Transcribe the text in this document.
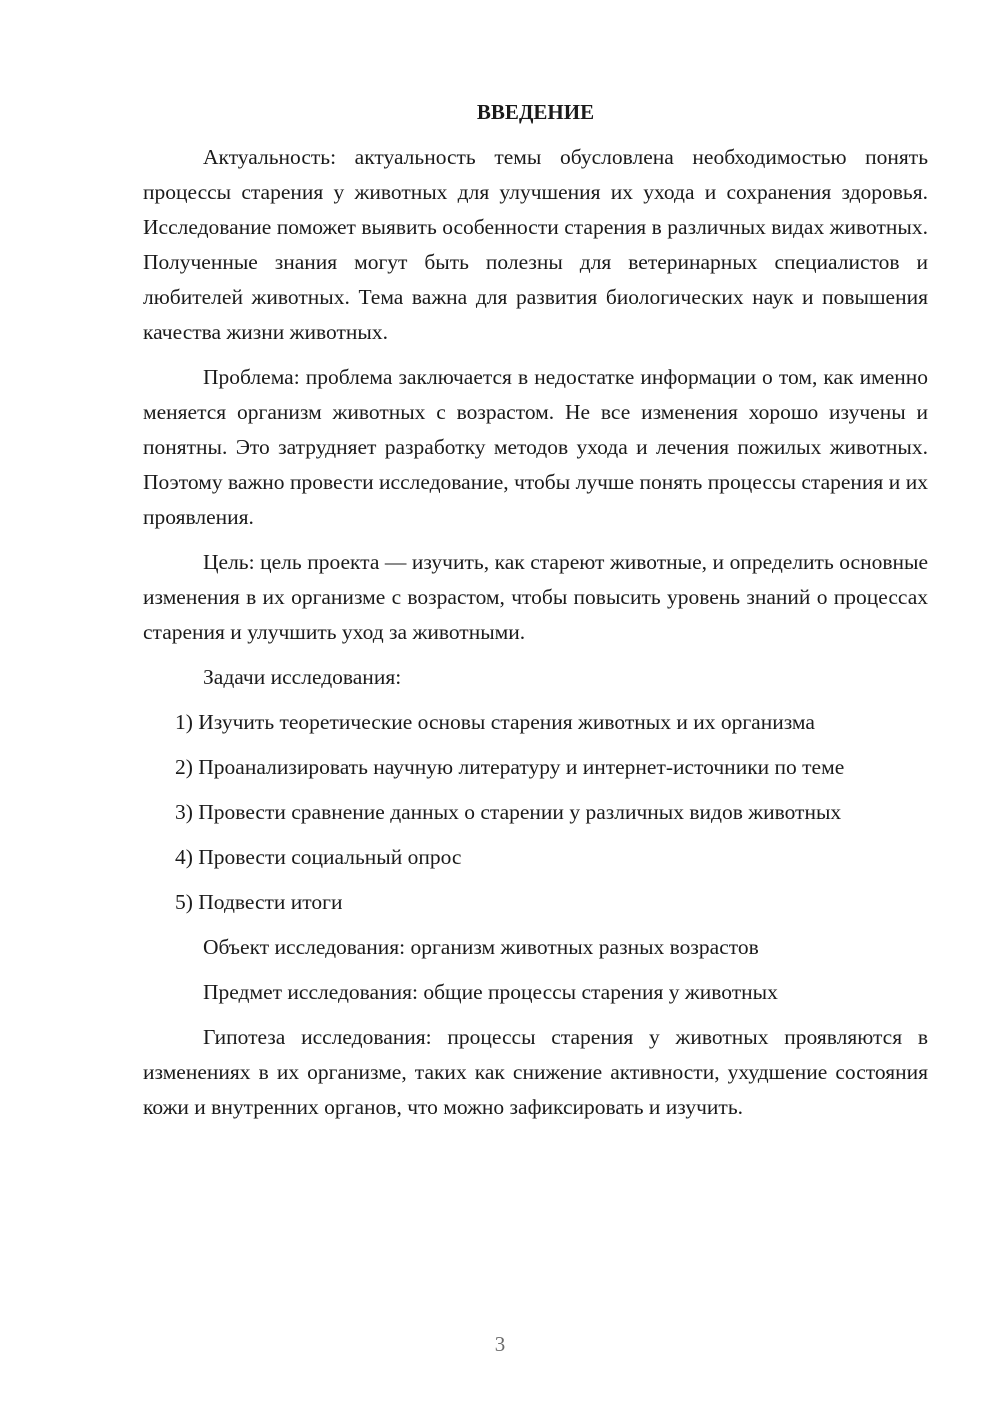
ВВЕДЕНИЕ

Актуальность: актуальность темы обусловлена необходимостью понять процессы старения у животных для улучшения их ухода и сохранения здоровья. Исследование поможет выявить особенности старения в различных видах животных. Полученные знания могут быть полезны для ветеринарных специалистов и любителей животных. Тема важна для развития биологических наук и повышения качества жизни животных.

Проблема: проблема заключается в недостатке информации о том, как именно меняется организм животных с возрастом. Не все изменения хорошо изучены и понятны. Это затрудняет разработку методов ухода и лечения пожилых животных. Поэтому важно провести исследование, чтобы лучше понять процессы старения и их проявления.

Цель: цель проекта — изучить, как стареют животные, и определить основные изменения в их организме с возрастом, чтобы повысить уровень знаний о процессах старения и улучшить уход за животными.

Задачи исследования:

1) Изучить теоретические основы старения животных и их организма

2) Проанализировать научную литературу и интернет-источники по теме

3) Провести сравнение данных о старении у различных видов животных

4) Провести социальный опрос

5) Подвести итоги

Объект исследования: организм животных разных возрастов

Предмет исследования: общие процессы старения у животных

Гипотеза исследования: процессы старения у животных проявляются в изменениях в их организме, таких как снижение активности, ухудшение состояния кожи и внутренних органов, что можно зафиксировать и изучить.

3
